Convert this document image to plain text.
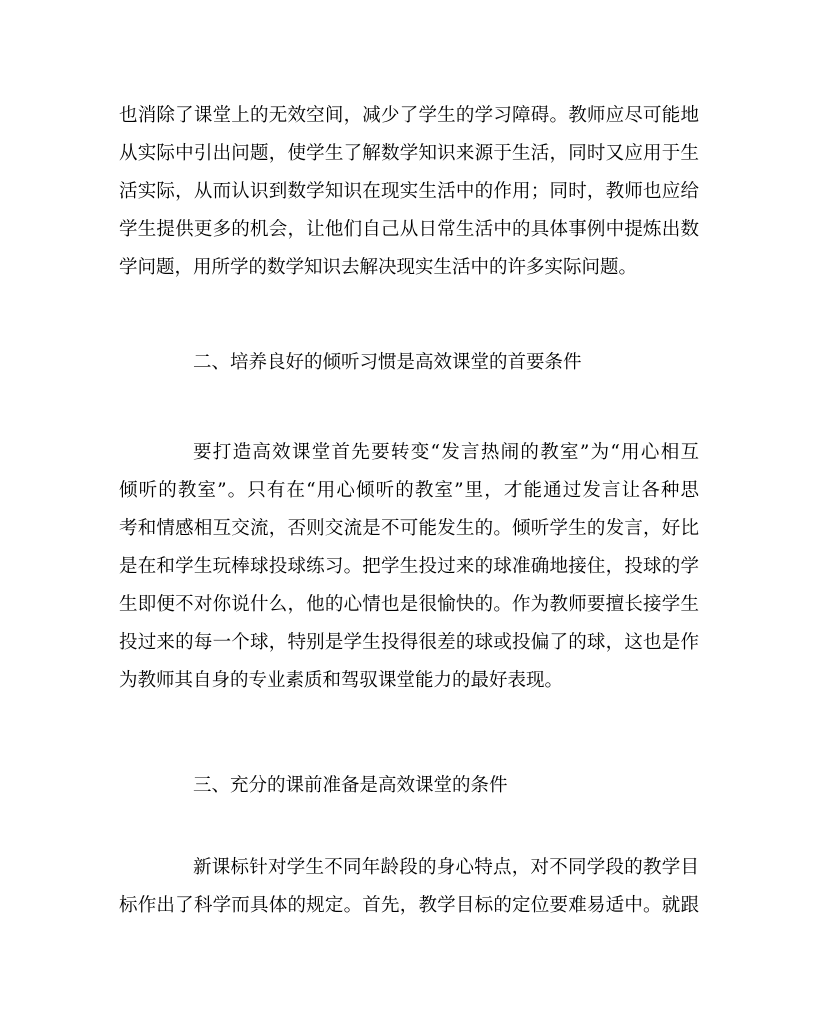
也消除了课堂上的无效空间，减少了学生的学习障碍。教师应尽可能地
从实际中引出问题，使学生了解数学知识来源于生活，同时又应用于生
活实际，从而认识到数学知识在现实生活中的作用；同时，教师也应给
学生提供更多的机会，让他们自己从日常生活中的具体事例中提炼出数
学问题，用所学的数学知识去解决现实生活中的许多实际问题。
二、培养良好的倾听习惯是高效课堂的首要条件
要打造高效课堂首先要转变“发言热闹的教室”为“用心相互
倾听的教室”。只有在“用心倾听的教室”里，才能通过发言让各种思
考和情感相互交流，否则交流是不可能发生的。倾听学生的发言，好比
是在和学生玩棒球投球练习。把学生投过来的球准确地接住，投球的学
生即便不对你说什么，他的心情也是很愉快的。作为教师要擅长接学生
投过来的每一个球，特别是学生投得很差的球或投偏了的球，这也是作
为教师其自身的专业素质和驾驭课堂能力的最好表现。
三、充分的课前准备是高效课堂的条件
新课标针对学生不同年龄段的身心特点，对不同学段的教学目
标作出了科学而具体的规定。首先，教学目标的定位要难易适中。就跟
